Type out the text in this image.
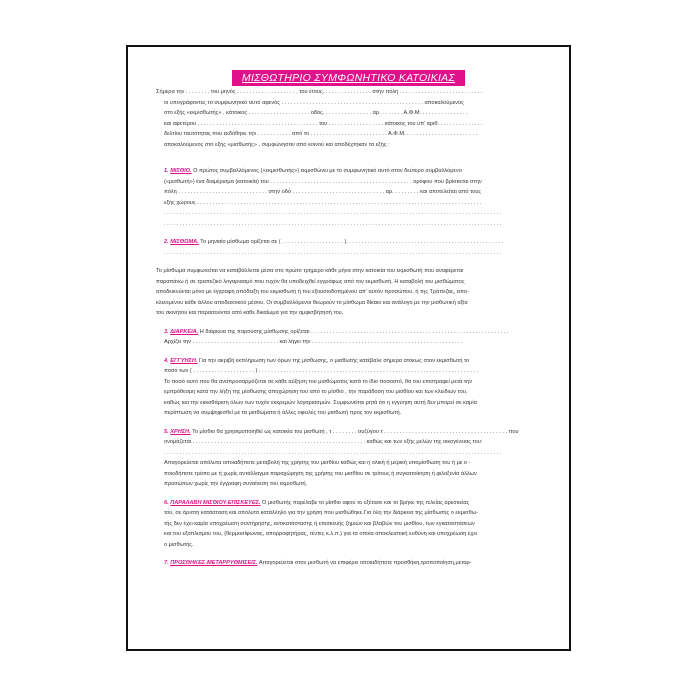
ΜΙΣΘΩΤΗΡΙΟ ΣΥΜΦΩΝΗΤΙΚΟ ΚΑΤΟΙΚΙΑΣ
Σήμερα την . . . . . . . . του μηνός . . . . . . . . . . . . . . . . . . . . του έτους. . . . . . . . . . . . . . . . στην πόλη . . . . . . . . . . . . . . . . . . . . . . . . . . .
οι υπογράφοντες το συμφωνητικό αυτό αφενός . . . . . . . . . . . . . . . . . . . . . . . . . . . . . . . . . . . . . . . . . . . . . . αποκαλούμενος
στο εξής «εκμισθωτής» , κάτοικος . . . . . . . . . . . . . . . . . . . . οδός. . . . . . . . . . . . . . . . αρ. . . . . . . . Α.Φ.Μ. . . . . . . . . . . . . . . .
και αφετέρου . . . . . . . . . . . . . . . . . . . . . . . . . . . . . . . . . . . . . . . του . . . . . . . . . . . . . . . . . . κάτοικος του υπ' αριθ. . . . . . . . . . . . . . .
δελτίου ταυτότητας που εκδόθηκε την . . . . . . . . . . . από το . . . . . . . . . . . . . . . . . . . . . . . . . Α.Φ.Μ. . . . . . . . . . . . . . . . . . . . . . . .
αποκαλούμενος στο εξής «μισθωτής» , συμφώνησαν από κοινού και αποδέχτηκαν τα εξής :
1. ΜΙΣΘΙΟ. Ο πρώτος συμβαλλόμενος («εκμισθωτής») εκμισθώνει με το συμφωνητικό αυτό στον δεύτερο συμβαλλόμενο
(«μισθωτή») ένα διαμέρισμα (κατοικία) του . . . . . . . . . . . . . . . . . . . . . . . . . . . . . . . . . . . . . . . . . . . . . . ορόφου που βρίσκεται στην
πόλη . . . . . . . . . . . . . . . . . . . . . . . . . . . . . στην οδό . . . . . . . . . . . . . . . . . . . . . . . . . . . . . . αρ. . . . . . . . . και αποτελείται από τους
εξής χώρους . . . . . . . . . . . . . . . . . . . . . . . . . . . . . . . . . . . . . . . . . . . . . . . . . . . . . . . . . . . . . . . . . . . . . . . . . . . . . . . . . . . . . . . . . . . .
. . . . . . . . . . . . . . . . . . . . . . . . . . . . . . . . . . . . . . . . . . . . . . . . . . . . . . . . . . . . . . . . . . . . . . . . . . . . . . . . . . . . . . . . . . . . . . . . . . . . . . . . . . . . .
. . . . . . . . . . . . . . . . . . . . . . . . . . . . . . . . . . . . . . . . . . . . . . . . . . . . . . . . . . . . . . . . . . . . . . . . . . . . . . . . . . . . . . . . . . . . . . . . . . . . . . . . . . . . .
2. ΜΙΣΘΩΜΑ. Το μηνιαίο μίσθωμα ορίζεται σε ( . . . . . . . . . . . . . . . . . . . . ). . . . . . . . . . . . . . . . . . . . . . . . . . . . . . . . . . . . . . . . . . . . . . . . . . .
. . . . . . . . . . . . . . . . . . . . . . . . . . . . . . . . . . . . . . . . . . . . . . . . . . . . . . . . . . . . . . . . . . . . . . . . . . . . . . . . . . . . . . . . . . . . . . . . . . . . . . . . . . . . .
Το μίσθωμα συμφωνείται να καταβάλλεται μέσα στο πρώτο τρήμερο κάθε μήνα στην κατοικία του εκμισθωτή που αναφέρεται
παραπάνω ή σε τραπεζικό λογαριασμό που τυχόν θα υποδειχθεί εγγράφως από τον εκμισθωτή. Η καταβολή του μισθώματος
αποδεικνύεται μόνο με έγγραφη απόδειξη του εκμισθωτή ή του εξουσιοδοτημένου απ' αυτόν προσώπου, ή της Τράπεζας, απο-
κλειομένου κάθε άλλου αποδεικτικού μέσου. Οι συμβαλλόμενοι θεωρούν το μίσθωμα δίκαιο και ανάλογο με την μισθωτική αξία
του ακινήτου και παραιτούνται από κάθε δικαίωμα για την αμφισβήτησή του.
3. ΔΙΑΡΚΕΙΑ. Η διάρκεια της παρούσης μίσθωσης ορίζεται . . . . . . . . . . . . . . . . . . . . . . . . . . . . . . . . . . . . . . . . . . . . . . . . . . . . . . . . . . . . . . . .
Αρχίζει την . . . . . . . . . . . . . . . . . . . . . . . . . . . . και λήγει την . . . . . . . . . . . . . . . . . . . . . . . . . . . . . . . . . . . . . . . . . . . . . . . . .
4. ΕΓΓΥΗΣΗ. Για την ακριβή εκπλήρωση των όρων της μίσθωσης, ο μισθωτής κατέβαλε σήμερα ατόκως στον εκμισθωτή το
ποσό των ( . . . . . . . . . . . . . . . . . . . . ) . . . . . . . . . . . . . . . . . . . . . . . . . . . . . . . . . . . . . . . . . . . . . . . . . . . . . . . . . . . . . . . . . . . . . . .
Το ποσό αυτό που θα αναπροσαρμόζεται σε κάθε αύξηση του μισθώματος κατά το ίδιο ποσοστό, θα του επιστραφεί μετά την
εμπρόθεσμη κατά την λήξη της μίσθωσης αποχώρηση του από το μίσθιο , την παράδοση του μισθίου και των κλειδιών του,
καθώς και την εκκαθάριση όλων των τυχόν εκκρεμών λογαριασμών. Συμφωνείται ρητά ότι η εγγύηση αυτή δεν μπορεί σε καμία
περίπτωση να συμψηφισθεί με τα μισθώματα ή άλλες οφειλές του μισθωτή προς τον εκμισθωτή.
5. ΧΡΗΣΗ. Το μίσθιο θα χρησιμοποιηθεί ως κατοικία του μισθωτή , τ . . . . . . . . συζύγου τ . . . . . . . . . . . . . . . . . . . . . . . . . . . . . . . . . . . . . . . . που
ονομάζεται . . . . . . . . . . . . . . . . . . . . . . . . . . . . . . . . . . . . . . . . . . . . . . . . . . . . . . . . καθώς και των εξής μελών της οικογένειας του:
. . . . . . . . . . . . . . . . . . . . . . . . . . . . . . . . . . . . . . . . . . . . . . . . . . . . . . . . . . . . . . . . . . . . . . . . . . . . . . . . . . . . . . . . . . . . . . . . . . . . . . . . . . . . .
Απαγορεύεται απόλυτα οποιαδήποτε μεταβολή της χρήσης του μισθίου καθώς και η ολική ή μερική υπομίσθωση του ή με ο -
ποιοδήποτε τρόπο με ή χωρίς αντάλλαγμα παραχώρηση της χρήσης του μισθίου σε τρίτους ή συγκατοίκηση ή φιλοξενία άλλων
προσώπων χωρίς την έγγραφη συναίνεση του εκμισθωτή.
6. ΠΑΡΑΛΑΒΗ ΜΙΣΘΙΟΥ-ΕΠΙΣΚΕΥΕΣ. Ο μισθωτής παρέλαβε το μίσθιο αφού το εξέτασε και το βρήκε της τελείας αρεσκείας
του, σε άριστη κατάσταση και απόλυτα κατάλληλο για την χρήση που μισθώθηκε.Για όλη την διάρκεια της μίσθωσης ο εκμισθω-
τής δεν έχει καμία υποχρέωση συντήρησης, αντικατάστασης ή επισκευής ζημιών και βλαβών του μισθίου, των εγκαταστάσεων
και του εξοπλισμού του, (θερμοσίφωνας, απορροφητήρας, τέντες κ.λ.π.) για τα οποία αποκλειστική ευθύνη και υποχρέωση έχει
ο μισθωτής.
7. ΠΡΟΣΘΗΚΕΣ-ΜΕΤΑΡΡΥΘΜΙΣΕΙΣ. Απαγορεύεται στον μισθωτή να επιφέρει οποιαδήποτε προσθήκη,τροποποίηση,μεταρ-
